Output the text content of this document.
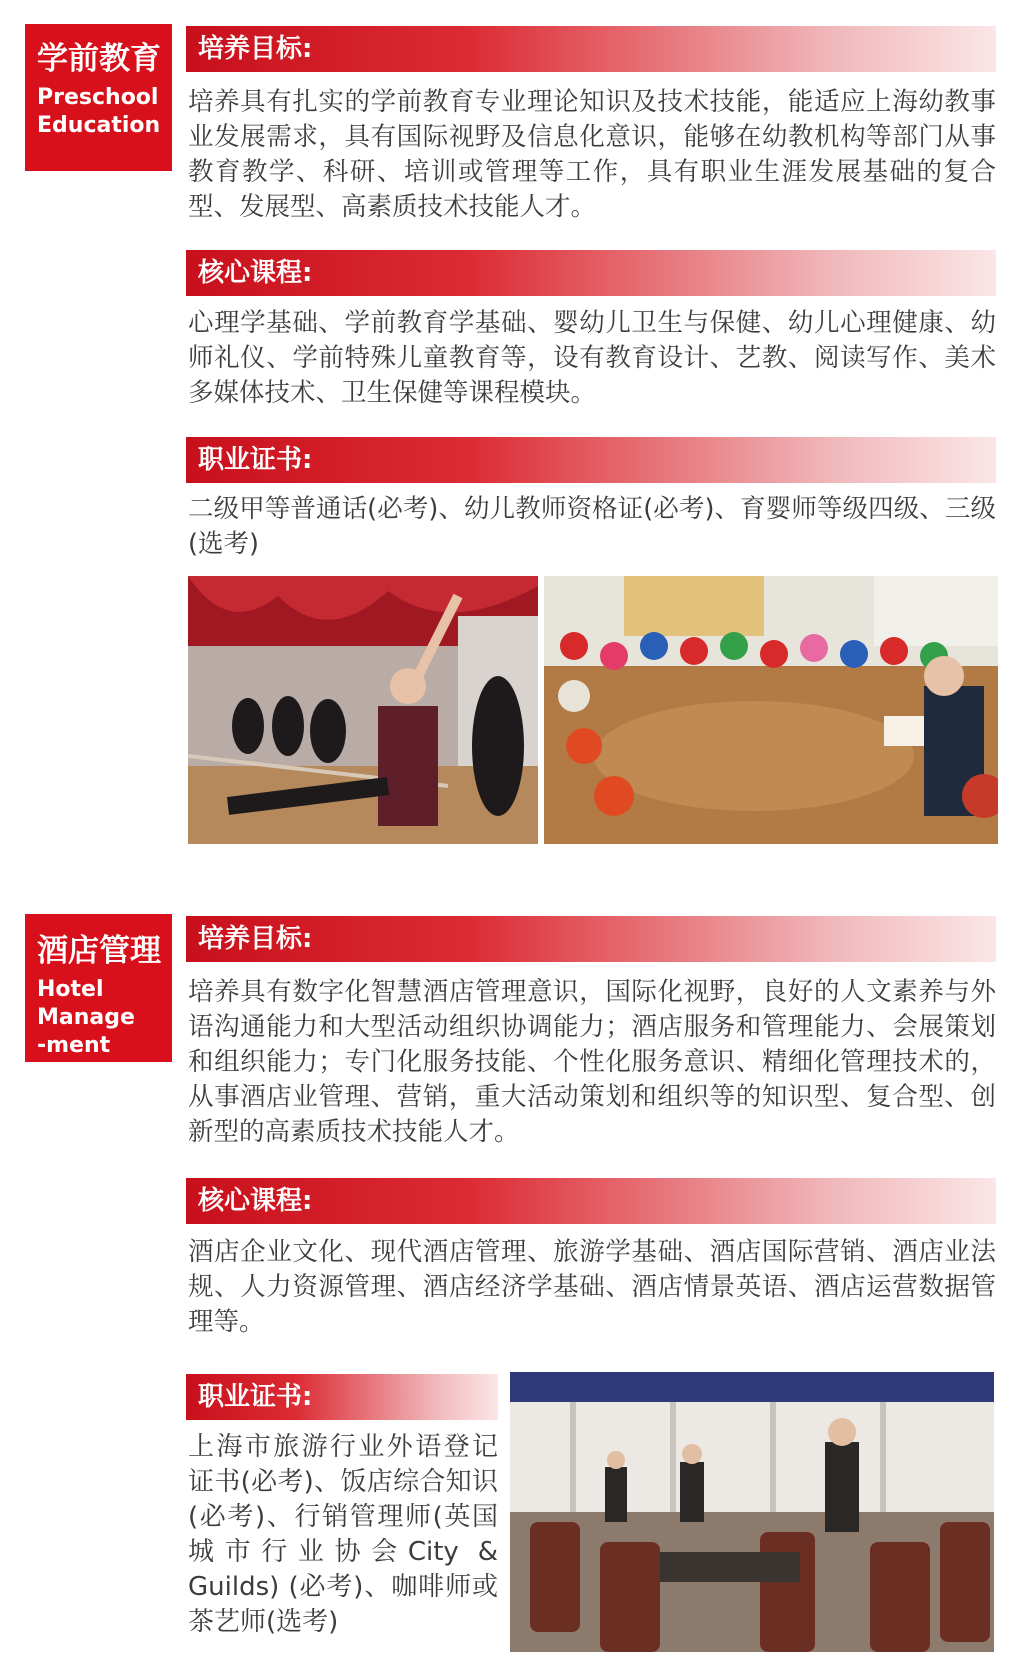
学前教育
Preschool
Education
培养目标:
培养具有扎实的学前教育专业理论知识及技术技能，能适应上海幼教事业发展需求，具有国际视野及信息化意识，能够在幼教机构等部门从事教育教学、科研、培训或管理等工作，具有职业生涯发展基础的复合型、发展型、高素质技术技能人才。
核心课程:
心理学基础、学前教育学基础、婴幼儿卫生与保健、幼儿心理健康、幼师礼仪、学前特殊儿童教育等，设有教育设计、艺教、阅读写作、美术多媒体技术、卫生保健等课程模块。
职业证书:
二级甲等普通话(必考)、幼儿教师资格证(必考)、育婴师等级四级、三级(选考)
酒店管理
Hotel
Manage
-ment
培养目标:
培养具有数字化智慧酒店管理意识，国际化视野，良好的人文素养与外语沟通能力和大型活动组织协调能力；酒店服务和管理能力、会展策划和组织能力；专门化服务技能、个性化服务意识、精细化管理技术的，从事酒店业管理、营销，重大活动策划和组织等的知识型、复合型、创新型的高素质技术技能人才。
核心课程:
酒店企业文化、现代酒店管理、旅游学基础、酒店国际营销、酒店业法规、人力资源管理、酒店经济学基础、酒店情景英语、酒店运营数据管理等。
职业证书:
上海市旅游行业外语登记证书(必考)、饭店综合知识(必考)、行销管理师(英国城市行业协会City & Guilds) (必考)、咖啡师或茶艺师(选考)
